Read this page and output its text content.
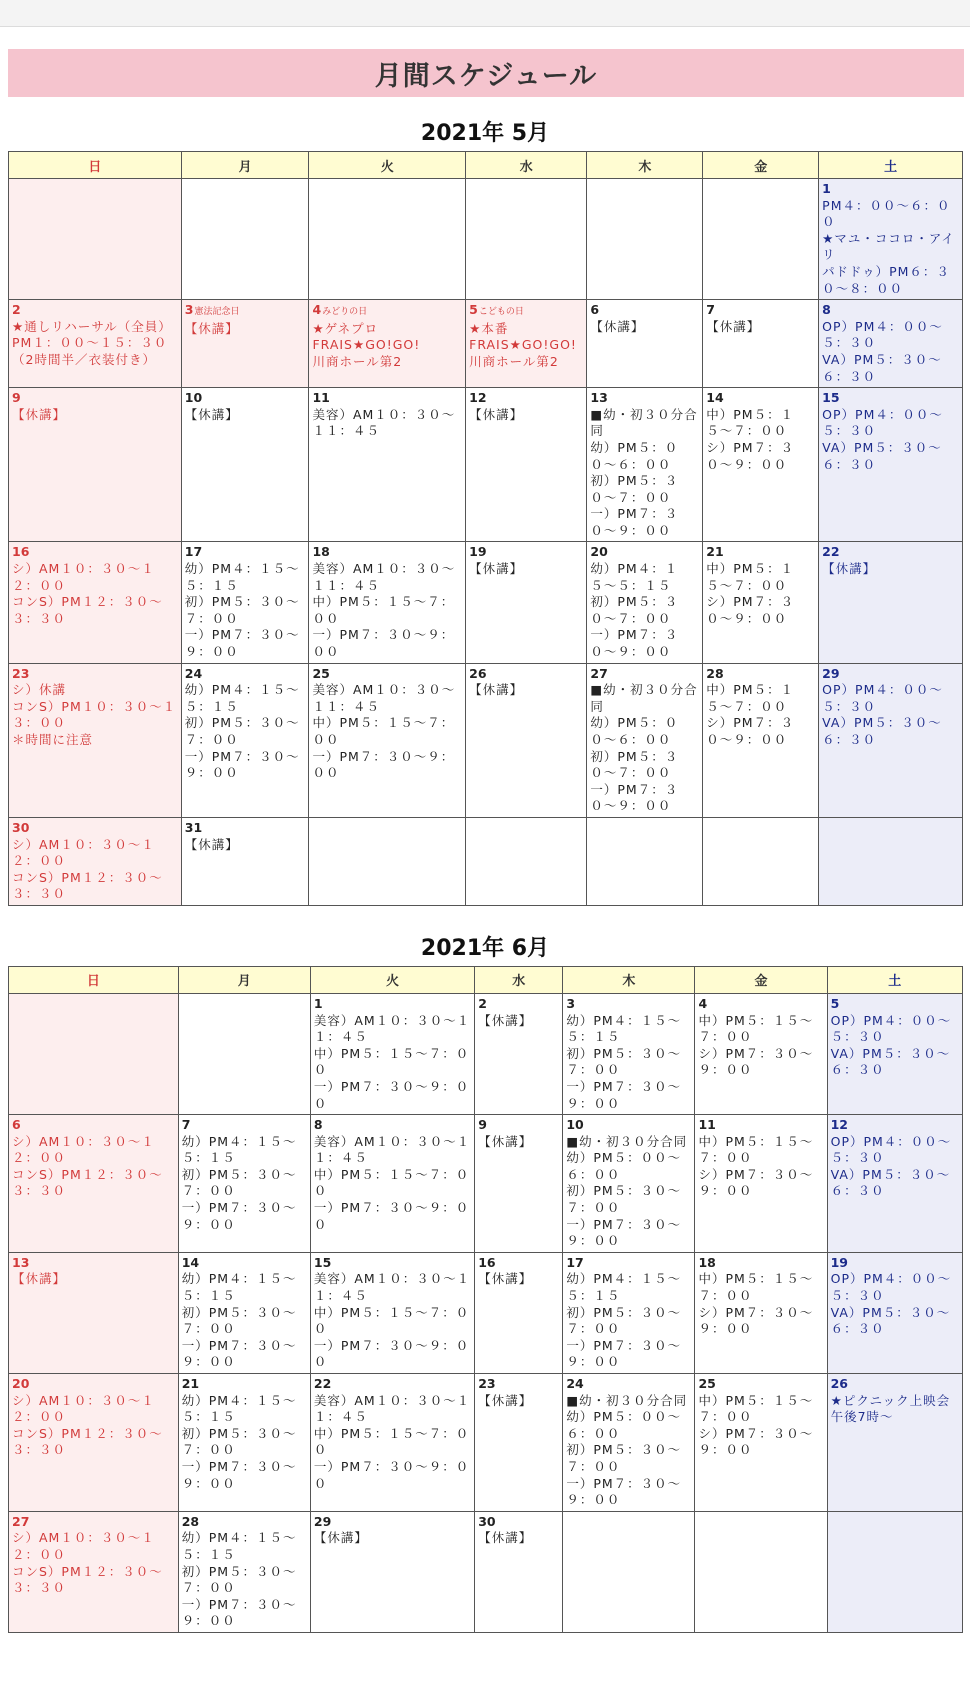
月間スケジュール
2021年 5月
日	月	火	水	木	金	土

						1
PM４：００〜６：００
★マユ・ココロ・アイリ
パドドゥ）PM６：３０〜８：００

2
★通しリハーサル（全員）
PM１：００〜１５：３０
（2時間半／衣装付き）	3憲法記念日
【休講】	4みどりの日
★ゲネプロ
FRAIS★GO!GO!
川商ホール第2	5こどもの日
★本番
FRAIS★GO!GO!
川商ホール第2	6
【休講】	7
【休講】	8
OP）PM４：００〜５：３０
VA）PM５：３０〜６：３０

9
【休講】	10
【休講】	11
美容）AM１０：３０〜１１：４５	12
【休講】	13
■幼・初３０分合同
幼）PM５：００〜６：００
初）PM５：３０〜７：００
一）PM７：３０〜９：００	14
中）PM５：１５〜７：００
シ）PM７：３０〜９：００	15
OP）PM４：００〜５：３０
VA）PM５：３０〜６：３０

16
シ）AM１０：３０〜１２：００
コンS）PM１２：３０〜３：３０	17
幼）PM４：１５〜５：１５
初）PM５：３０〜７：００
一）PM７：３０〜９：００	18
美容）AM１０：３０〜１１：４５
中）PM５：１５〜７：００
一）PM７：３０〜９：００	19
【休講】	20
幼）PM４：１５〜５：１５
初）PM５：３０〜７：００
一）PM７：３０〜９：００	21
中）PM５：１５〜７：００
シ）PM７：３０〜９：００	22
【休講】

23
シ）休講
コンS）PM１０：３０〜１３：００
＊時間に注意	24
幼）PM４：１５〜５：１５
初）PM５：３０〜７：００
一）PM７：３０〜９：００	25
美容）AM１０：３０〜１１：４５
中）PM５：１５〜７：００
一）PM７：３０〜９：００	26
【休講】	27
■幼・初３０分合同
幼）PM５：００〜６：００
初）PM５：３０〜７：００
一）PM７：３０〜９：００	28
中）PM５：１５〜７：００
シ）PM７：３０〜９：００	29
OP）PM４：００〜５：３０
VA）PM５：３０〜６：３０

30
シ）AM１０：３０〜１２：００
コンS）PM１２：３０〜３：３０	31
【休講】					

2021年 6月
日	月	火	水	木	金	土

		1
美容）AM１０：３０〜１１：４５
中）PM５：１５〜７：００
一）PM７：３０〜９：００	2
【休講】	3
幼）PM４：１５〜５：１５
初）PM５：３０〜７：００
一）PM７：３０〜９：００	4
中）PM５：１５〜７：００
シ）PM７：３０〜９：００	5
OP）PM４：００〜５：３０
VA）PM５：３０〜６：３０

6
シ）AM１０：３０〜１２：００
コンS）PM１２：３０〜３：３０	7
幼）PM４：１５〜５：１５
初）PM５：３０〜７：００
一）PM７：３０〜９：００	8
美容）AM１０：３０〜１１：４５
中）PM５：１５〜７：００
一）PM７：３０〜９：００	9
【休講】	10
■幼・初３０分合同
幼）PM５：００〜６：００
初）PM５：３０〜７：００
一）PM７：３０〜９：００	11
中）PM５：１５〜７：００
シ）PM７：３０〜９：００	12
OP）PM４：００〜５：３０
VA）PM５：３０〜６：３０

13
【休講】	14
幼）PM４：１５〜５：１５
初）PM５：３０〜７：００
一）PM７：３０〜９：００	15
美容）AM１０：３０〜１１：４５
中）PM５：１５〜７：００
一）PM７：３０〜９：００	16
【休講】	17
幼）PM４：１５〜５：１５
初）PM５：３０〜７：００
一）PM７：３０〜９：００	18
中）PM５：１５〜７：００
シ）PM７：３０〜９：００	19
OP）PM４：００〜５：３０
VA）PM５：３０〜６：３０

20
シ）AM１０：３０〜１２：００
コンS）PM１２：３０〜３：３０	21
幼）PM４：１５〜５：１５
初）PM５：３０〜７：００
一）PM７：３０〜９：００	22
美容）AM１０：３０〜１１：４５
中）PM５：１５〜７：００
一）PM７：３０〜９：００	23
【休講】	24
■幼・初３０分合同
幼）PM５：００〜６：００
初）PM５：３０〜７：００
一）PM７：３０〜９：００	25
中）PM５：１５〜７：００
シ）PM７：３０〜９：００	26
★ピクニック上映会
午後7時〜

27
シ）AM１０：３０〜１２：００
コンS）PM１２：３０〜３：３０	28
幼）PM４：１５〜５：１５
初）PM５：３０〜７：００
一）PM７：３０〜９：００	29
【休講】	30
【休講】			
